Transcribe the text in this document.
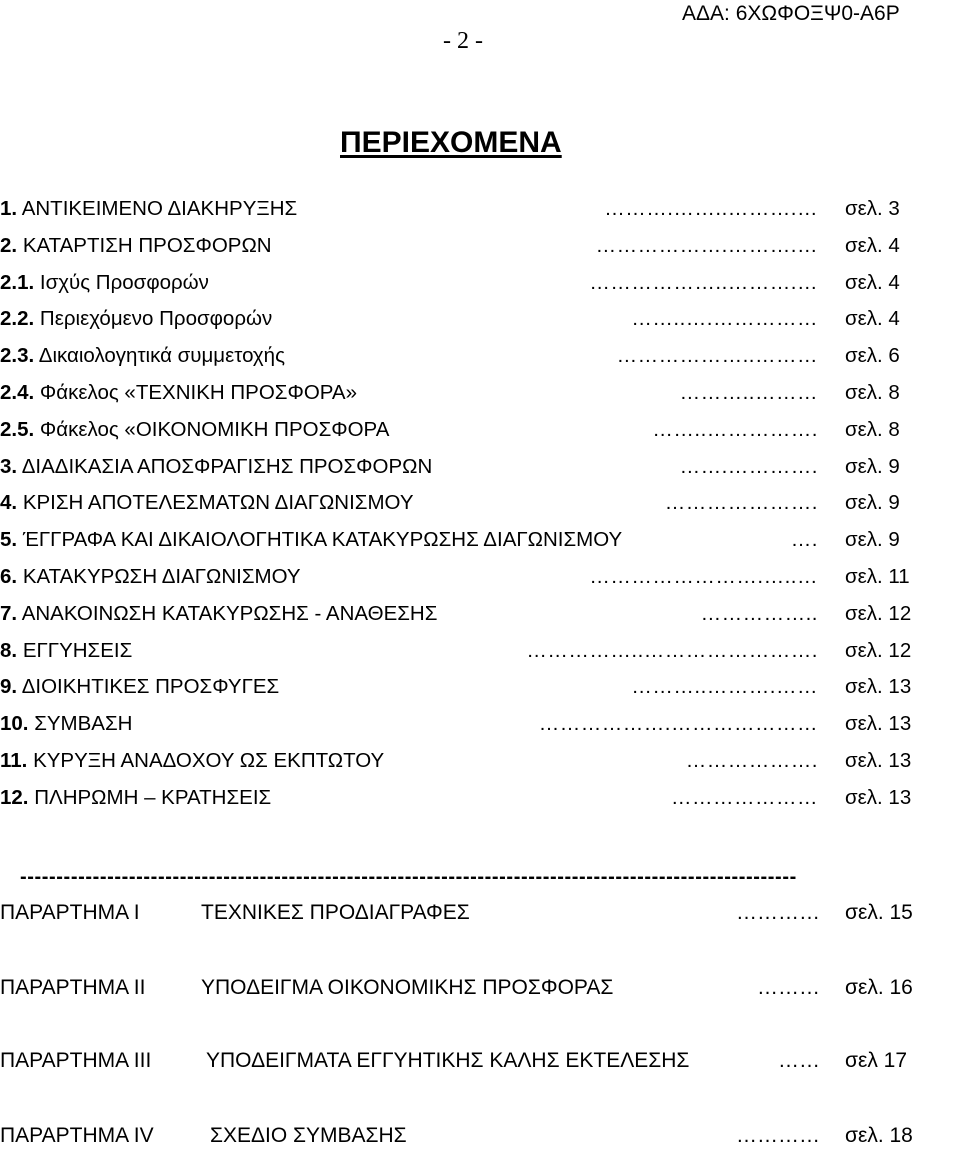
- 2 -
ΑΔΑ: 6ΧΩΦΟΞΨ0-Α6Ρ
ΠΕΡΙΕΧΟΜΕΝΑ
1. ΑΝΤΙΚΕΙΜΕΝΟ ΔΙΑΚΗΡΥΞΗΣ	……….……..……….… σελ. 3
2. ΚΑΤΑΡΤΙΣΗ ΠΡΟΣΦΟΡΩΝ	……………….……….… σελ. 4
2.1. Ισχύς Προσφορών	………………..……….… σελ. 4
2.2. Περιεχόμενο Προσφορών	……..….…………… σελ. 4
2.3. Δικαιολογητικά συμμετοχής	………………..……… σελ. 6
2.4. Φάκελος «ΤΕΧΝΙΚΗ ΠΡΟΣΦΟΡΑ»	………..……… σελ. 8
2.5. Φάκελος «ΟΙΚΟΝΟΜΙΚΗ ΠΡΟΣΦΟΡΑ	……..……………. σελ. 8
3. ΔΙΑΔΙΚΑΣΙΑ ΑΠΟΣΦΡΑΓΙΣΗΣ ΠΡΟΣΦΟΡΩΝ	…….…………. σελ. 9
4. ΚΡΙΣΗ ΑΠΟΤΕΛΕΣΜΑΤΩΝ ΔΙΑΓΩΝΙΣΜΟΥ	…………………. σελ. 9
5. ΈΓΓΡΑΦΑ ΚΑΙ ΔΙΚΑΙΟΛΟΓΗΤΙΚΑ ΚΑΤΑΚΥΡΩΣΗΣ ΔΙΑΓΩΝΙΣΜΟΥ	…. σελ. 9
6. ΚΑΤΑΚΥΡΩΣΗ ΔΙΑΓΩΝΙΣΜΟΥ	…………………….…..… σελ. 11
7. ΑΝΑΚΟΙΝΩΣΗ ΚΑΤΑΚΥΡΩΣΗΣ - ΑΝΑΘΕΣΗΣ	…………….. σελ. 12
8. ΕΓΓΥΗΣΕΙΣ	……………..……………………. σελ. 12
9. ΔΙΟΙΚΗΤΙΚΕΣ ΠΡΟΣΦΥΓΕΣ	………..……….…… σελ. 13
10. ΣΥΜΒΑΣΗ	……………….………………… σελ. 13
11. ΚΥΡΥΞΗ ΑΝΑΔΟΧΟΥ ΩΣ ΕΚΠΤΩΤΟΥ	………………. σελ. 13
12. ΠΛΗΡΩΜΗ – ΚΡΑΤΗΣΕΙΣ	………………… σελ. 13
-----------------------------------------------------------------------------------------------------------
ΠΑΡΑΡΤΗΜΑ Ι	ΤΕΧΝΙΚΕΣ ΠΡΟΔΙΑΓΡΑΦΕΣ	………… σελ. 15
ΠΑΡΑΡΤΗΜΑ ΙΙ	ΥΠΟΔΕΙΓΜΑ ΟΙΚΟΝΟΜΙΚΗΣ ΠΡΟΣΦΟΡΑΣ	……… σελ. 16
ΠΑΡΑΡΤΗΜΑ ΙΙΙ	ΥΠΟΔΕΙΓΜΑΤΑ ΕΓΓΥΗΤΙΚΗΣ ΚΑΛΗΣ ΕΚΤΕΛΕΣΗΣ	…… σελ 17
ΠΑΡΑΡΤΗΜΑ ΙV	ΣΧΕΔΙΟ ΣΥΜΒΑΣΗΣ	………… σελ. 18
